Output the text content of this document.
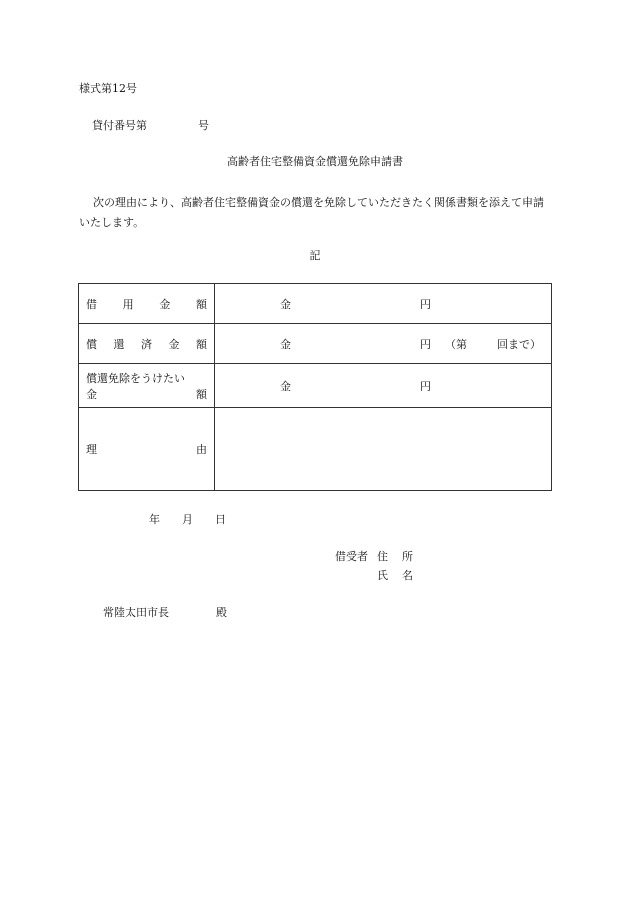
様式第12号
貸付番号第	号
高齢者住宅整備資金償還免除申請書
次の理由により、高齢者住宅整備資金の償還を免除していただきたく関係書類を添えて申請いたします。
記
借 用 金 額	金 円

償 還 済 金 額	金 円 （第 回まで）

償還免除をうけたい
金 額	金 円

理 由	

年 月 日
借受者 住 所
氏 名
常陸太田市長	殿
